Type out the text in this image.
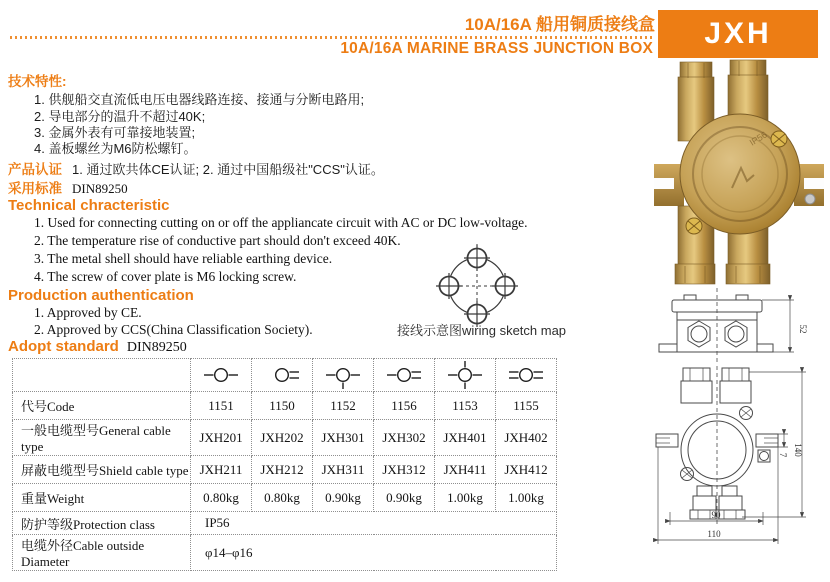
10A/16A 船用铜质接线盒
10A/16A MARINE BRASS JUNCTION BOX JXH
技术特性:
1. 供舰船交直流低电压电器线路连接、接通与分断电路用;
2. 导电部分的温升不超过40K;
3. 金属外表有可靠接地装置;
4. 盖板螺丝为M6防松螺钉。
产品认证 1. 通过欧共体CE认证; 2. 通过中国船级社"CCS"认证。
采用标准 DIN89250
Technical chracteristic
1. Used for connecting cutting on or off the appliancate circuit with AC or DC low-voltage.
2. The temperature rise of conductive part should don't exceed 40K.
3. The metal shell should have reliable earthing device.
4. The screw of cover plate is M6 locking screw.
Production authentication
1. Approved by CE.
2. Approved by CCS(China Classification Society).
Adopt standard DIN89250
接线示意图wiring sketch map

代号Code	1151	1150	1152	1156	1153	1155
一般电缆型号General cable type	JXH201	JXH202	JXH301	JXH302	JXH401	JXH402
屏蔽电缆型号Shield cable type	JXH211	JXH212	JXH311	JXH312	JXH411	JXH412
重量Weight	0.80kg	0.80kg	0.90kg	0.90kg	1.00kg	1.00kg
防护等级Protection class	IP56					
电缆外径Cable outside Diameter	φ14–φ16					
IP56
52
7 140
90
110
